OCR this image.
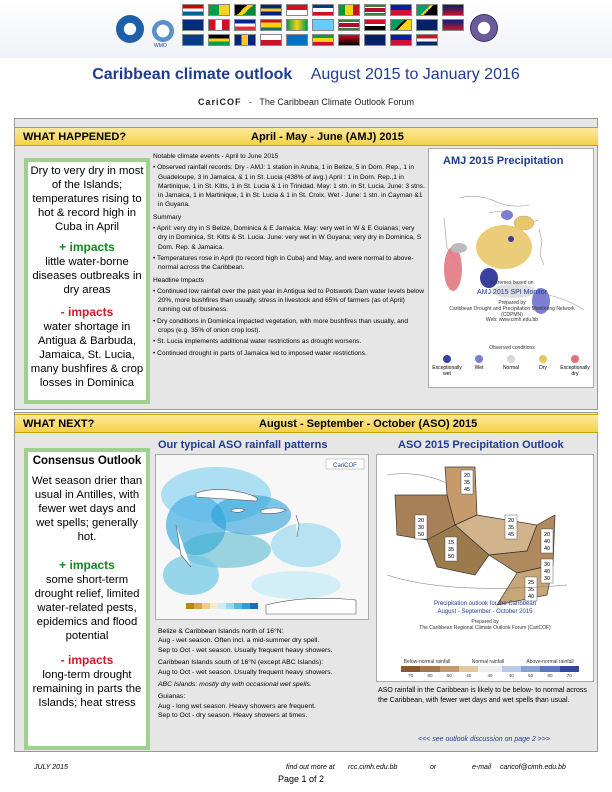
WMO
Caribbean climate outlook August 2015 to January 2016
CariCOF - The Caribbean Climate Outlook Forum
WHAT HAPPENED?	April - May - June (AMJ) 2015
Dry to very dry in most of the Islands; temperatures rising to hot & record high in Cuba in April
+ impacts
little water-borne diseases outbreaks in dry areas
- impacts
water shortage in Antigua & Barbuda, Jamaica, St. Lucia, many bushfires & crop losses in Dominica
Notable climate events - April to June 2015
• Observed rainfall records: Dry - AMJ: 1 station in Aruba, 1 in Belize, 5 in Dom. Rep., 1 in Guadeloupe, 3 in Jamaica, & 1 in St. Lucia (438% of avg.) April : 1 in Dom. Rep.,1 in Martinique, 1 in St. Kitts, 1 in St. Lucia & 1 in Trinidad. May: 1 stn. in St. Lucia. June: 3 stns. in Jamaica, 1 in Martinique, 1 in St. Lucia & 1 in St. Croix. Wet - June: 1 stn. in Cayman &1 in Guyana.
Summary
• April: very dry in S Belize, Dominica & E Jamaica. May: very wet in W & E Guianas; very dry in Dominica, St. Kitts & St. Lucia. June: very wet in W Guyana; very dry in Dominica, S Dom. Rep. & Jamaica.
• Temperatures rose in April (to record high in Cuba) and May, and were normal to above-normal across the Caribbean.
Headline Impacts
• Continued low rainfall over the past year in Antigua led to Potswork Dam water levels below 20%, more bushfires than usually, stress in livestock and 65% of farmers (as of April) running out of business.
• Dry conditions in Dominica impacted vegetation, with more bushfires than usually, and crops (e.g. 35% of onion crop lost).
• St. Lucia implements additional water restrictions as drought worsens.
• Continued drought in parts of Jamaica led to imposed water restrictions.
AMJ 2015 Precipitation
Extremes based on
AMJ 2015 SPI Monitor
Prepared by
Caribbean Drought and Precipitation Monitoring Network (CDPMN)
Web: www.cimh.edu.bb
Observed conditions
Exceptionally wet
Wet	Normal	Dry	Exceptionally dry
WHAT NEXT?	August - September - October (ASO) 2015
Consensus Outlook
Wet season drier than usual in Antilles, with fewer wet days and wet spells; generally hot.
+ impacts
some short-term drought relief, limited water-related pests, epidemics and flood potential
- impacts
long-term drought remaining in parts the Islands; heat stress
Our typical ASO rainfall patterns
CariCOF
Belize & Caribbean Islands north of 16°N:
Aug - wet season. Often incl. a mid-summer dry spell.
Sep to Oct - wet season. Usually frequent heavy showers.
Caribbean Islands south of 16°N (except ABC Islands):
Aug to Oct - wet season. Usually frequent heavy showers.
ABC Islands: mostly dry with occasional wet spells.
Guianas:
Aug - long wet season. Heavy showers are frequent.
Sep to Oct - dry season. Heavy showers at times.
ASO 2015 Precipitation Outlook
20
35
45
20
30
50	20
40
40
30
40
30
15
35
50
20
35
45
25
35
40
Precipitation outlook for the Caribbean
August - September - October 2015
Prepared by
The Caribbean Regional Climate Outlook Forum (CariCOF)
Below-normal rainfall	Normal rainfall	Above-normal rainfall
70	60	50	40	40	40	50	60	70
ASO rainfall in the Caribbean is likely to be below- to normal across the Caribbean, with fewer wet days and wet spells than usual.
<<< see outlook discussion on page 2 >>>
JULY 2015	find out more at rcc.cimh.edu.bb	or	e-mail caricof@cimh.edu.bb
Page 1 of 2
